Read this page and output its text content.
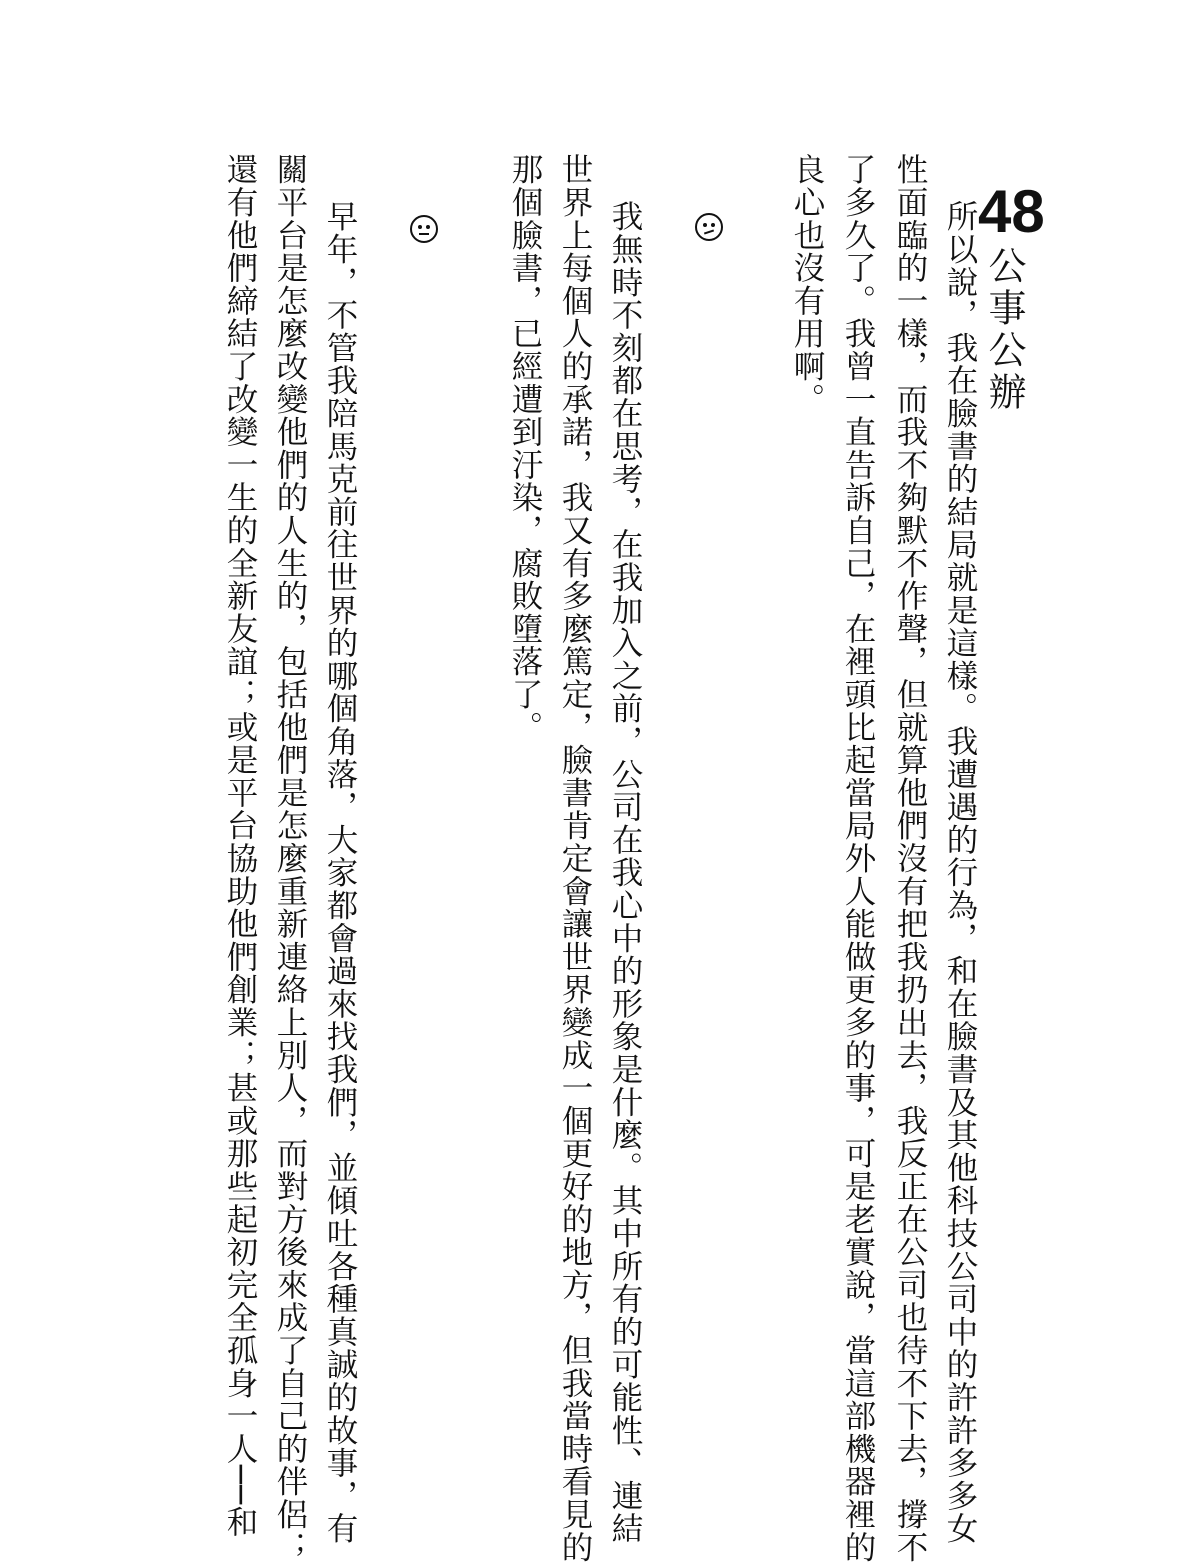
48
公事公辦

所以說，我在臉書的結局就是這樣。我遭遇的行為，和在臉書及其他科技公司中的許許多多女

性面臨的一樣，而我不夠默不作聲，但就算他們沒有把我扔出去，我反正在公司也待不下去，撐不

了多久了。我曾一直告訴自己，在裡頭比起當局外人能做更多的事，可是老實說，當這部機器裡的

良心也沒有用啊。

我無時不刻都在思考，在我加入之前，公司在我心中的形象是什麼。其中所有的可能性、連結

世界上每個人的承諾，我又有多麼篤定，臉書肯定會讓世界變成一個更好的地方，但我當時看見的

那個臉書，已經遭到汙染，腐敗墮落了。

早年，不管我陪馬克前往世界的哪個角落，大家都會過來找我們，並傾吐各種真誠的故事，有

關平台是怎麼改變他們的人生的，包括他們是怎麼重新連絡上別人，而對方後來成了自己的伴侶；

還有他們締結了改變一生的全新友誼；或是平台協助他們創業；甚或那些起初完全孤身一人──和
